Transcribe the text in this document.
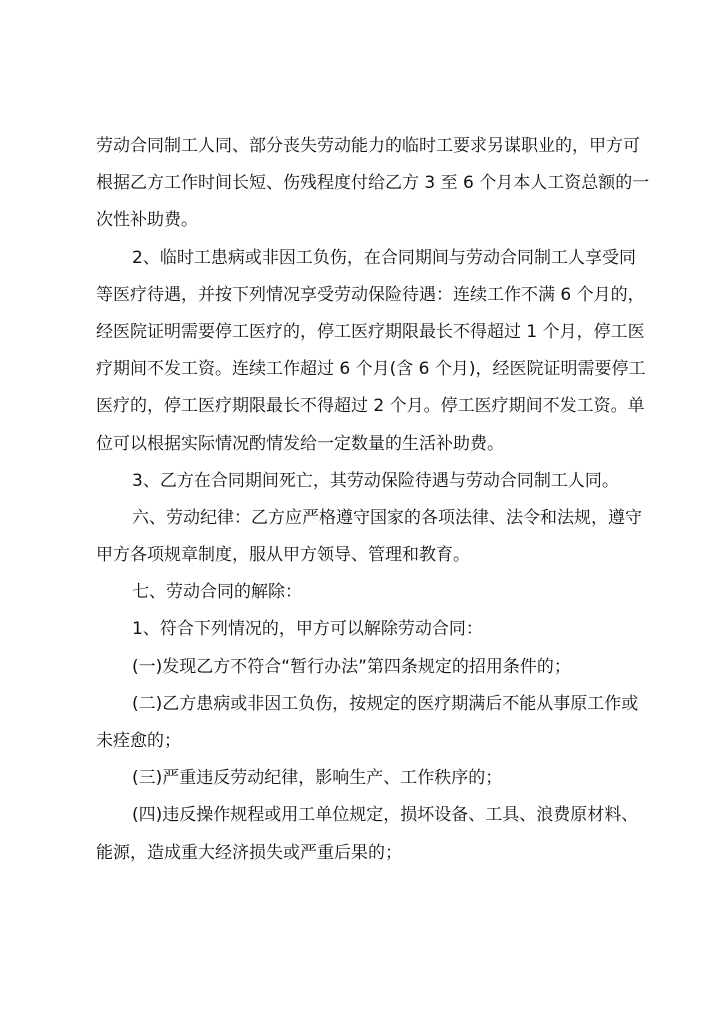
劳动合同制工人同、部分丧失劳动能力的临时工要求另谋职业的，甲方可
根据乙方工作时间长短、伤残程度付给乙方 3 至 6 个月本人工资总额的一
次性补助费。
2、临时工患病或非因工负伤，在合同期间与劳动合同制工人享受同
等医疗待遇，并按下列情况享受劳动保险待遇：连续工作不满 6 个月的，
经医院证明需要停工医疗的，停工医疗期限最长不得超过 1 个月，停工医
疗期间不发工资。连续工作超过 6 个月(含 6 个月)，经医院证明需要停工
医疗的，停工医疗期限最长不得超过 2 个月。停工医疗期间不发工资。单
位可以根据实际情况酌情发给一定数量的生活补助费。
3、乙方在合同期间死亡，其劳动保险待遇与劳动合同制工人同。
六、劳动纪律：乙方应严格遵守国家的各项法律、法令和法规，遵守
甲方各项规章制度，服从甲方领导、管理和教育。
七、劳动合同的解除：
1、符合下列情况的，甲方可以解除劳动合同：
(一)发现乙方不符合“暂行办法”第四条规定的招用条件的；
(二)乙方患病或非因工负伤，按规定的医疗期满后不能从事原工作或
未痊愈的；
(三)严重违反劳动纪律，影响生产、工作秩序的；
(四)违反操作规程或用工单位规定，损坏设备、工具、浪费原材料、
能源，造成重大经济损失或严重后果的；
